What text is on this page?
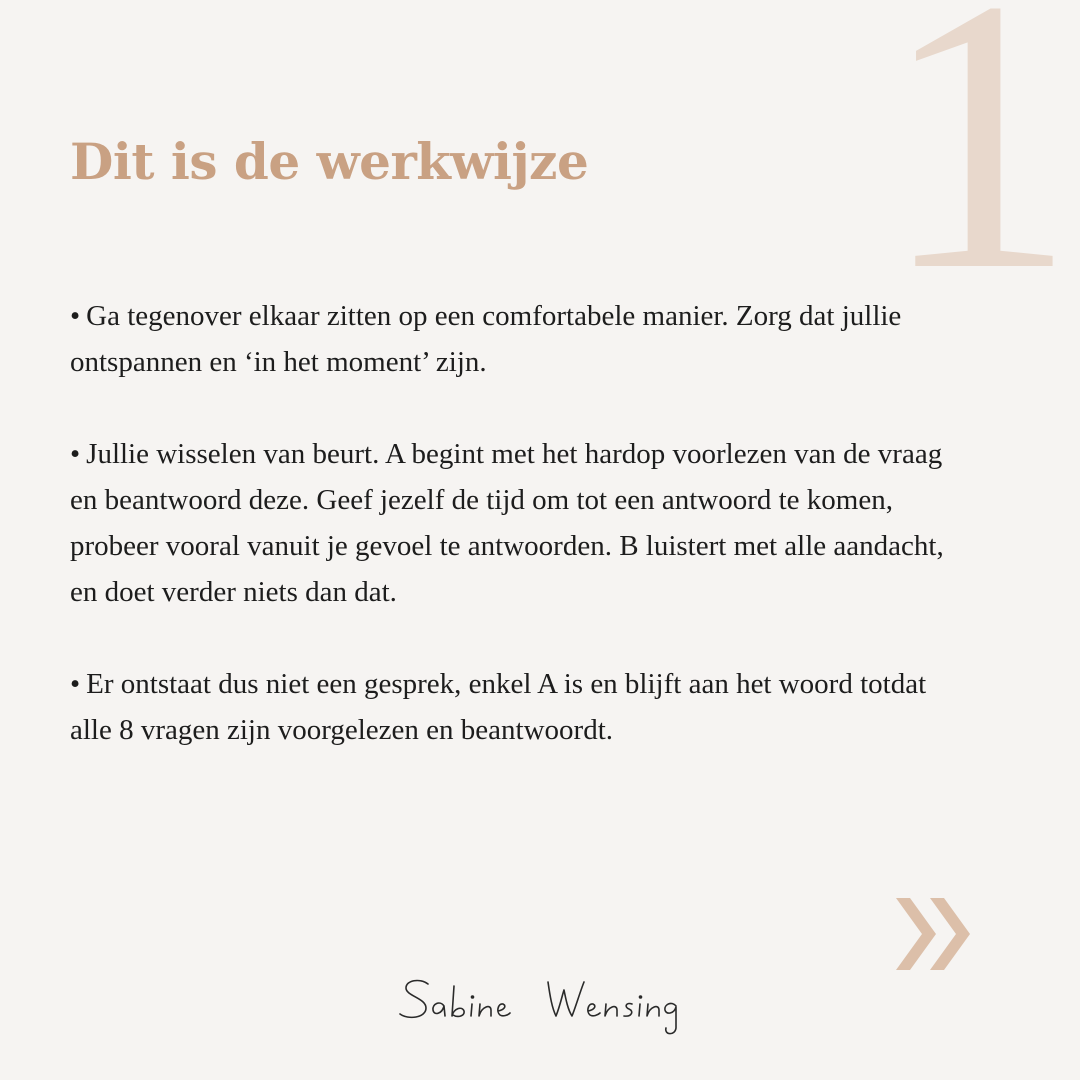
1
Dit is de werkwijze

• Ga tegenover elkaar zitten op een comfortabele manier. Zorg dat jullie ontspannen en ‘in het moment’ zijn.

• Jullie wisselen van beurt. A begint met het hardop voorlezen van de vraag en beantwoord deze. Geef jezelf de tijd om tot een antwoord te komen, probeer vooral vanuit je gevoel te antwoorden. B luistert met alle aandacht, en doet verder niets dan dat.

• Er ontstaat dus niet een gesprek, enkel A is en blijft aan het woord totdat alle 8 vragen zijn voorgelezen en beantwoordt.
